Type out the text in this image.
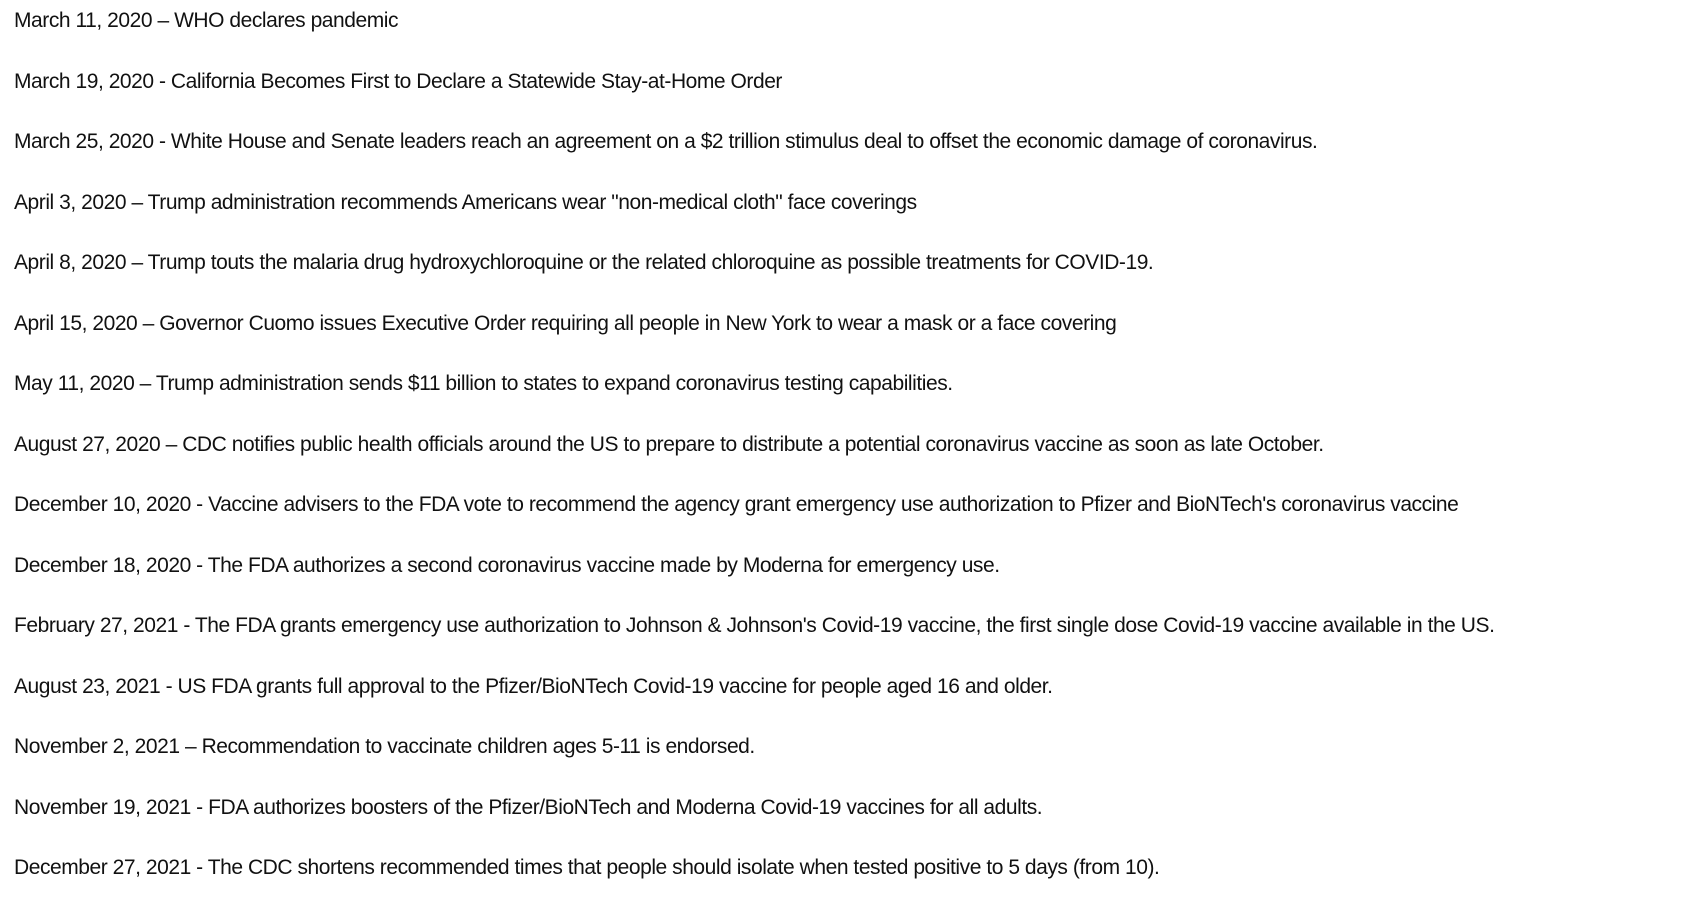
March 11, 2020 – WHO declares pandemic
March 19, 2020 - California Becomes First to Declare a Statewide Stay-at-Home Order
March 25, 2020 - White House and Senate leaders reach an agreement on a $2 trillion stimulus deal to offset the economic damage of coronavirus.
April 3, 2020 – Trump administration recommends Americans wear "non-medical cloth" face coverings
April 8, 2020 – Trump touts the malaria drug hydroxychloroquine or the related chloroquine as possible treatments for COVID-19.
April 15, 2020 – Governor Cuomo issues Executive Order requiring all people in New York to wear a mask or a face covering
May 11, 2020 – Trump administration sends $11 billion to states to expand coronavirus testing capabilities.
August 27, 2020 – CDC notifies public health officials around the US to prepare to distribute a potential coronavirus vaccine as soon as late October.
December 10, 2020 - Vaccine advisers to the FDA vote to recommend the agency grant emergency use authorization to Pfizer and BioNTech's coronavirus vaccine
December 18, 2020 - The FDA authorizes a second coronavirus vaccine made by Moderna for emergency use.
February 27, 2021 - The FDA grants emergency use authorization to Johnson & Johnson's Covid-19 vaccine, the first single dose Covid-19 vaccine available in the US.
August 23, 2021 - US FDA grants full approval to the Pfizer/BioNTech Covid-19 vaccine for people aged 16 and older.
November 2, 2021 – Recommendation to vaccinate children ages 5-11 is endorsed.
November 19, 2021 - FDA authorizes boosters of the Pfizer/BioNTech and Moderna Covid-19 vaccines for all adults.
December 27, 2021 - The CDC shortens recommended times that people should isolate when tested positive to 5 days (from 10).
